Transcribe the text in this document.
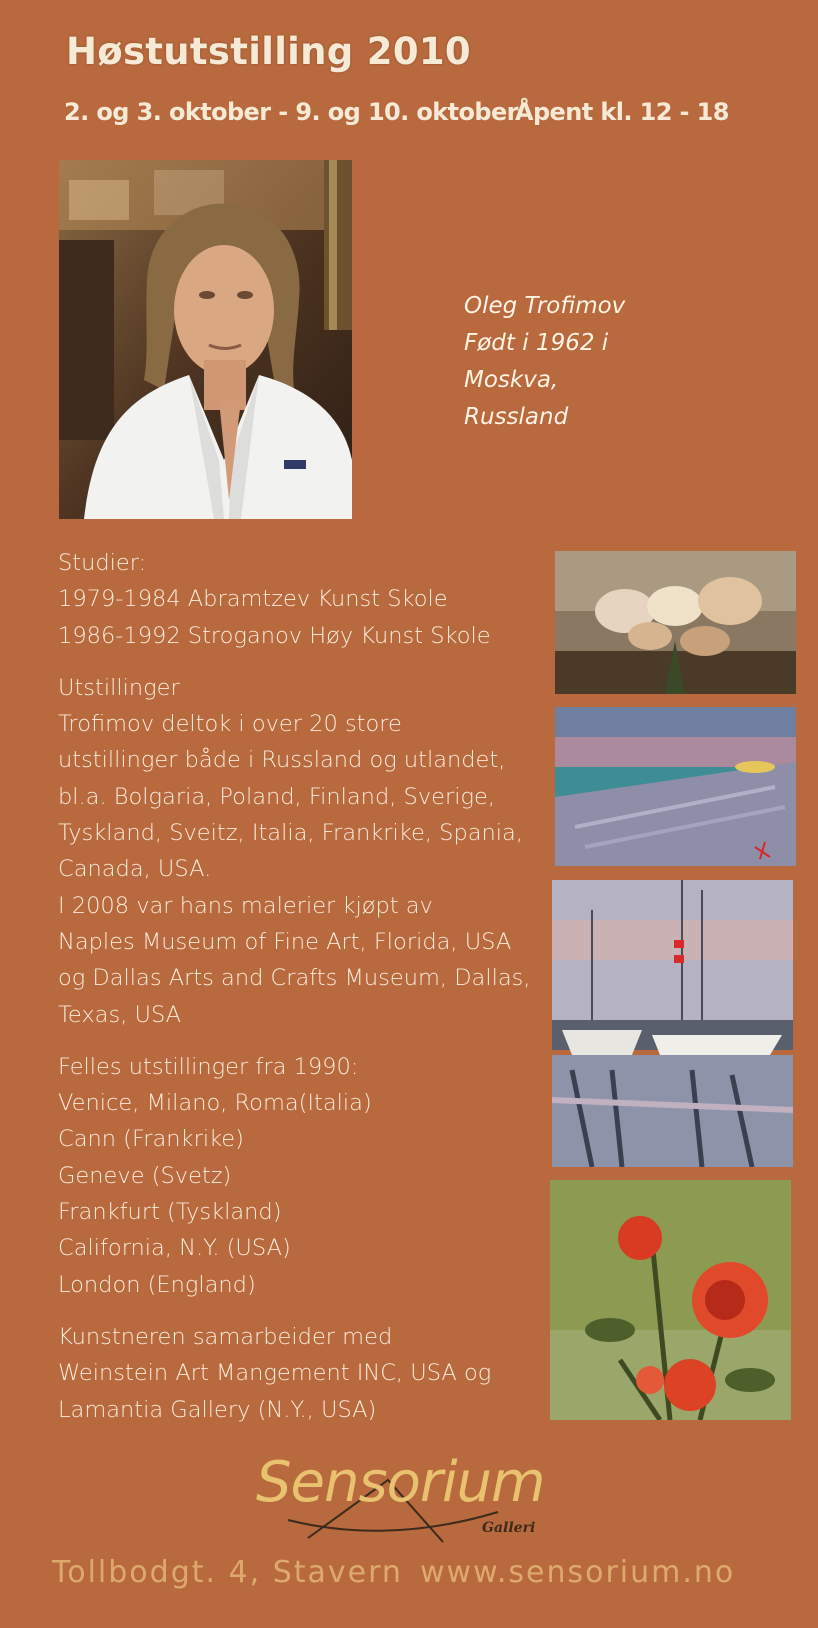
Høstutstilling 2010
2. og 3. oktober - 9. og 10. oktober
Åpent kl. 12 - 18
Oleg Trofimov
Født i 1962 i
Moskva,
Russland
Studier:
1979-1984 Abramtzev Kunst Skole
1986-1992 Stroganov Høy Kunst Skole
Utstillinger
Trofimov deltok i over 20 store
utstillinger både i Russland og utlandet,
bl.a. Bolgaria, Poland, Finland, Sverige,
Tyskland, Sveitz, Italia, Frankrike, Spania,
Canada, USA.
I 2008 var hans malerier kjøpt av
Naples Museum of Fine Art, Florida, USA
og Dallas Arts and Crafts Museum, Dallas,
Texas, USA
Felles utstillinger fra 1990:
Venice, Milano, Roma(Italia)
Cann (Frankrike)
Geneve (Svetz)
Frankfurt (Tyskland)
California, N.Y. (USA)
London (England)
Kunstneren samarbeider med
Weinstein Art Mangement INC, USA og
Lamantia Gallery (N.Y., USA)
Sensorium
Galleri
Tollbodgt. 4, Stavern www.sensorium.no
